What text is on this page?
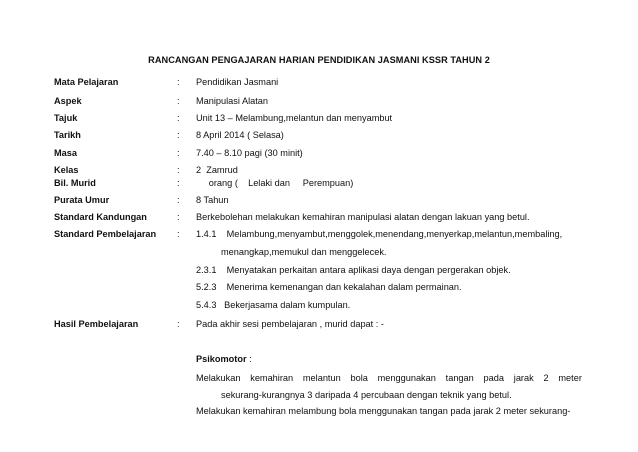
RANCANGAN PENGAJARAN HARIAN PENDIDIKAN JASMANI KSSR TAHUN 2
Mata Pelajaran	: Pendidikan Jasmani
Aspek	: Manipulasi Alatan
Tajuk	: Unit 13 – Melambung,melantun dan menyambut
Tarikh	: 8 April 2014 ( Selasa)
Masa	: 7.40 – 8.10 pagi (30 minit)
Kelas	: 2  Zamrud
Bil. Murid	: orang (    Lelaki dan     Perempuan)
Purata Umur	: 8 Tahun
Standard Kandungan	: Berkebolehan melakukan kemahiran manipulasi alatan dengan lakuan yang betul.
Standard Pembelajaran : 1.4.1    Melambung,menyambut,menggolek,menendang,menyerkap,melantun,membaling,
menangkap,memukul dan menggelecek.
2.3.1    Menyatakan perkaitan antara aplikasi daya dengan pergerakan objek.
5.2.3    Menerima kemenangan dan kekalahan dalam permainan.
5.4.3   Bekerjasama dalam kumpulan.
Hasil Pembelajaran	: Pada akhir sesi pembelajaran , murid dapat : -
Psikomotor :
Melakukan kemahiran melantun bola menggunakan tangan pada jarak 2 meter
sekurang-kurangnya 3 daripada 4 percubaan dengan teknik yang betul.
Melakukan kemahiran melambung bola menggunakan tangan pada jarak 2 meter sekurang-
